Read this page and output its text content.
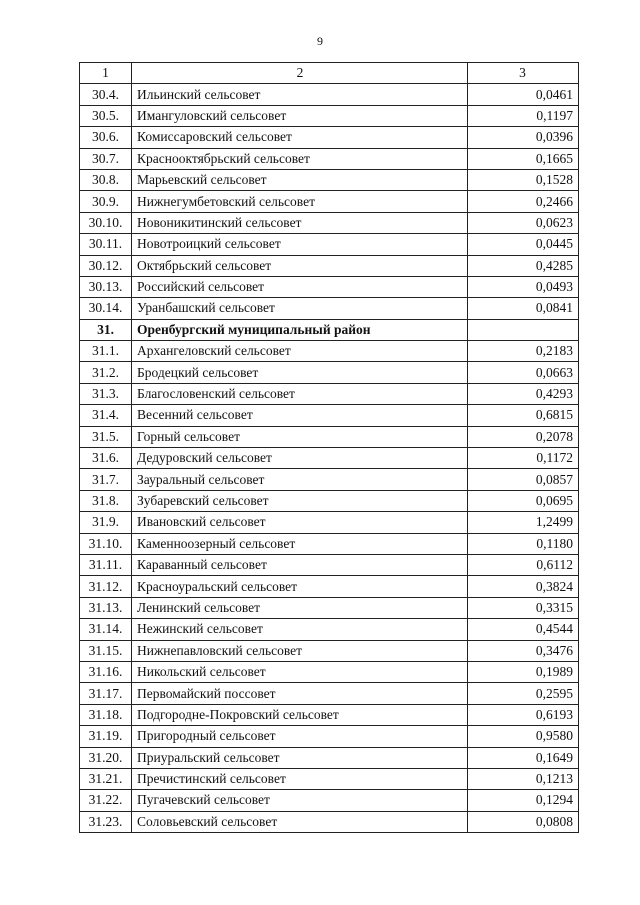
9
1	2	3
30.4.	Ильинский сельсовет	0,0461
30.5.	Имангуловский сельсовет	0,1197
30.6.	Комиссаровский сельсовет	0,0396
30.7.	Краснооктябрьский сельсовет	0,1665
30.8.	Марьевский сельсовет	0,1528
30.9.	Нижнегумбетовский сельсовет	0,2466
30.10.	Новоникитинский сельсовет	0,0623
30.11.	Новотроицкий сельсовет	0,0445
30.12.	Октябрьский сельсовет	0,4285
30.13.	Российский сельсовет	0,0493
30.14.	Уранбашский сельсовет	0,0841
31.	Оренбургский муниципальный район	
31.1.	Архангеловский сельсовет	0,2183
31.2.	Бродецкий сельсовет	0,0663
31.3.	Благословенский сельсовет	0,4293
31.4.	Весенний сельсовет	0,6815
31.5.	Горный сельсовет	0,2078
31.6.	Дедуровский сельсовет	0,1172
31.7.	Зауральный сельсовет	0,0857
31.8.	Зубаревский сельсовет	0,0695
31.9.	Ивановский сельсовет	1,2499
31.10.	Каменноозерный сельсовет	0,1180
31.11.	Караванный сельсовет	0,6112
31.12.	Красноуральский сельсовет	0,3824
31.13.	Ленинский сельсовет	0,3315
31.14.	Нежинский сельсовет	0,4544
31.15.	Нижнепавловский сельсовет	0,3476
31.16.	Никольский сельсовет	0,1989
31.17.	Первомайский поссовет	0,2595
31.18.	Подгородне-Покровский сельсовет	0,6193
31.19.	Пригородный сельсовет	0,9580
31.20.	Приуральский сельсовет	0,1649
31.21.	Пречистинский сельсовет	0,1213
31.22.	Пугачевский сельсовет	0,1294
31.23.	Соловьевский сельсовет	0,0808
